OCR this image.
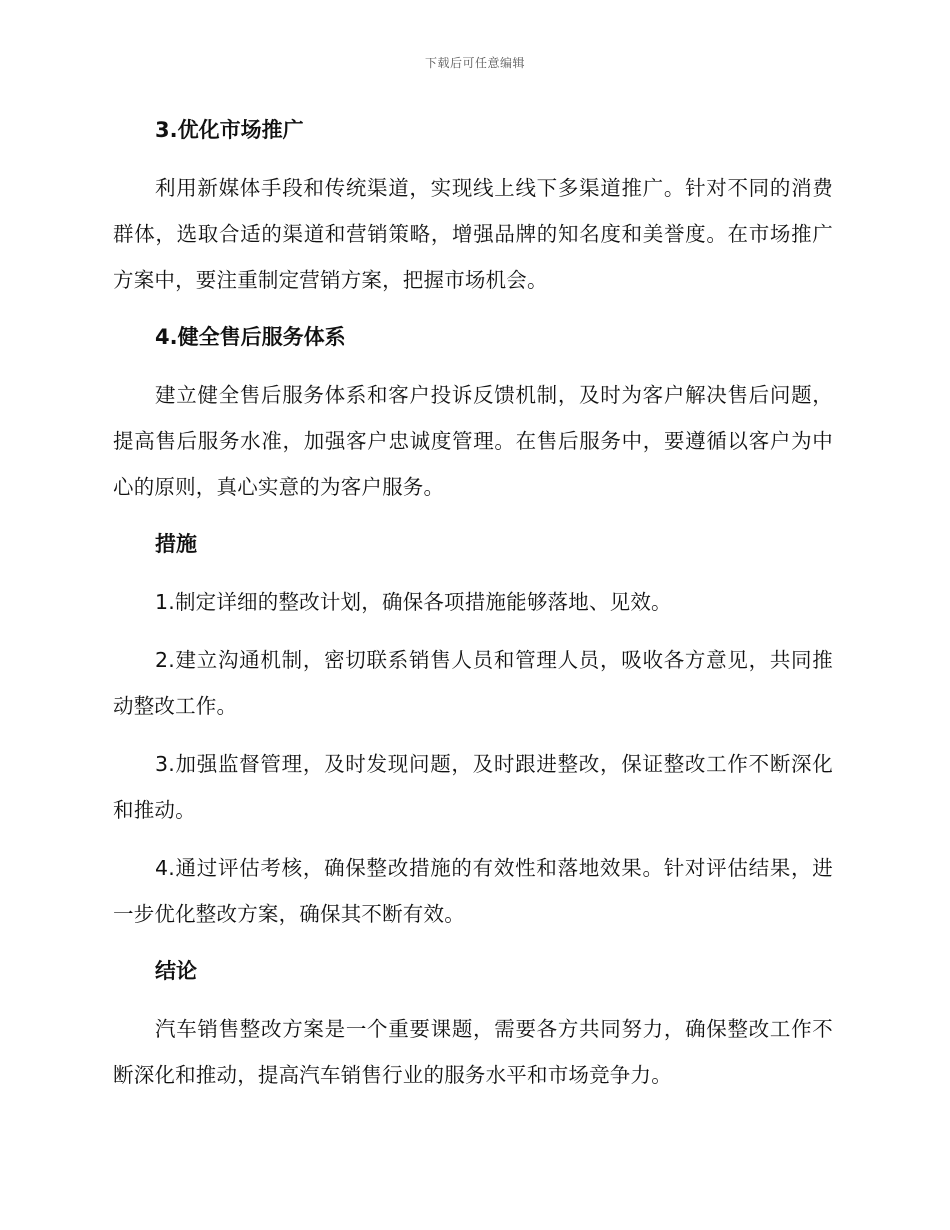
下载后可任意编辑

3.优化市场推广

利用新媒体手段和传统渠道，实现线上线下多渠道推广。针对不同的消费群体，选取合适的渠道和营销策略，增强品牌的知名度和美誉度。在市场推广方案中，要注重制定营销方案，把握市场机会。

4.健全售后服务体系

建立健全售后服务体系和客户投诉反馈机制，及时为客户解决售后问题，提高售后服务水准，加强客户忠诚度管理。在售后服务中，要遵循以客户为中心的原则，真心实意的为客户服务。

措施

1.制定详细的整改计划，确保各项措施能够落地、见效。

2.建立沟通机制，密切联系销售人员和管理人员，吸收各方意见，共同推动整改工作。

3.加强监督管理，及时发现问题，及时跟进整改，保证整改工作不断深化和推动。

4.通过评估考核，确保整改措施的有效性和落地效果。针对评估结果，进一步优化整改方案，确保其不断有效。

结论

汽车销售整改方案是一个重要课题，需要各方共同努力，确保整改工作不断深化和推动，提高汽车销售行业的服务水平和市场竞争力。
